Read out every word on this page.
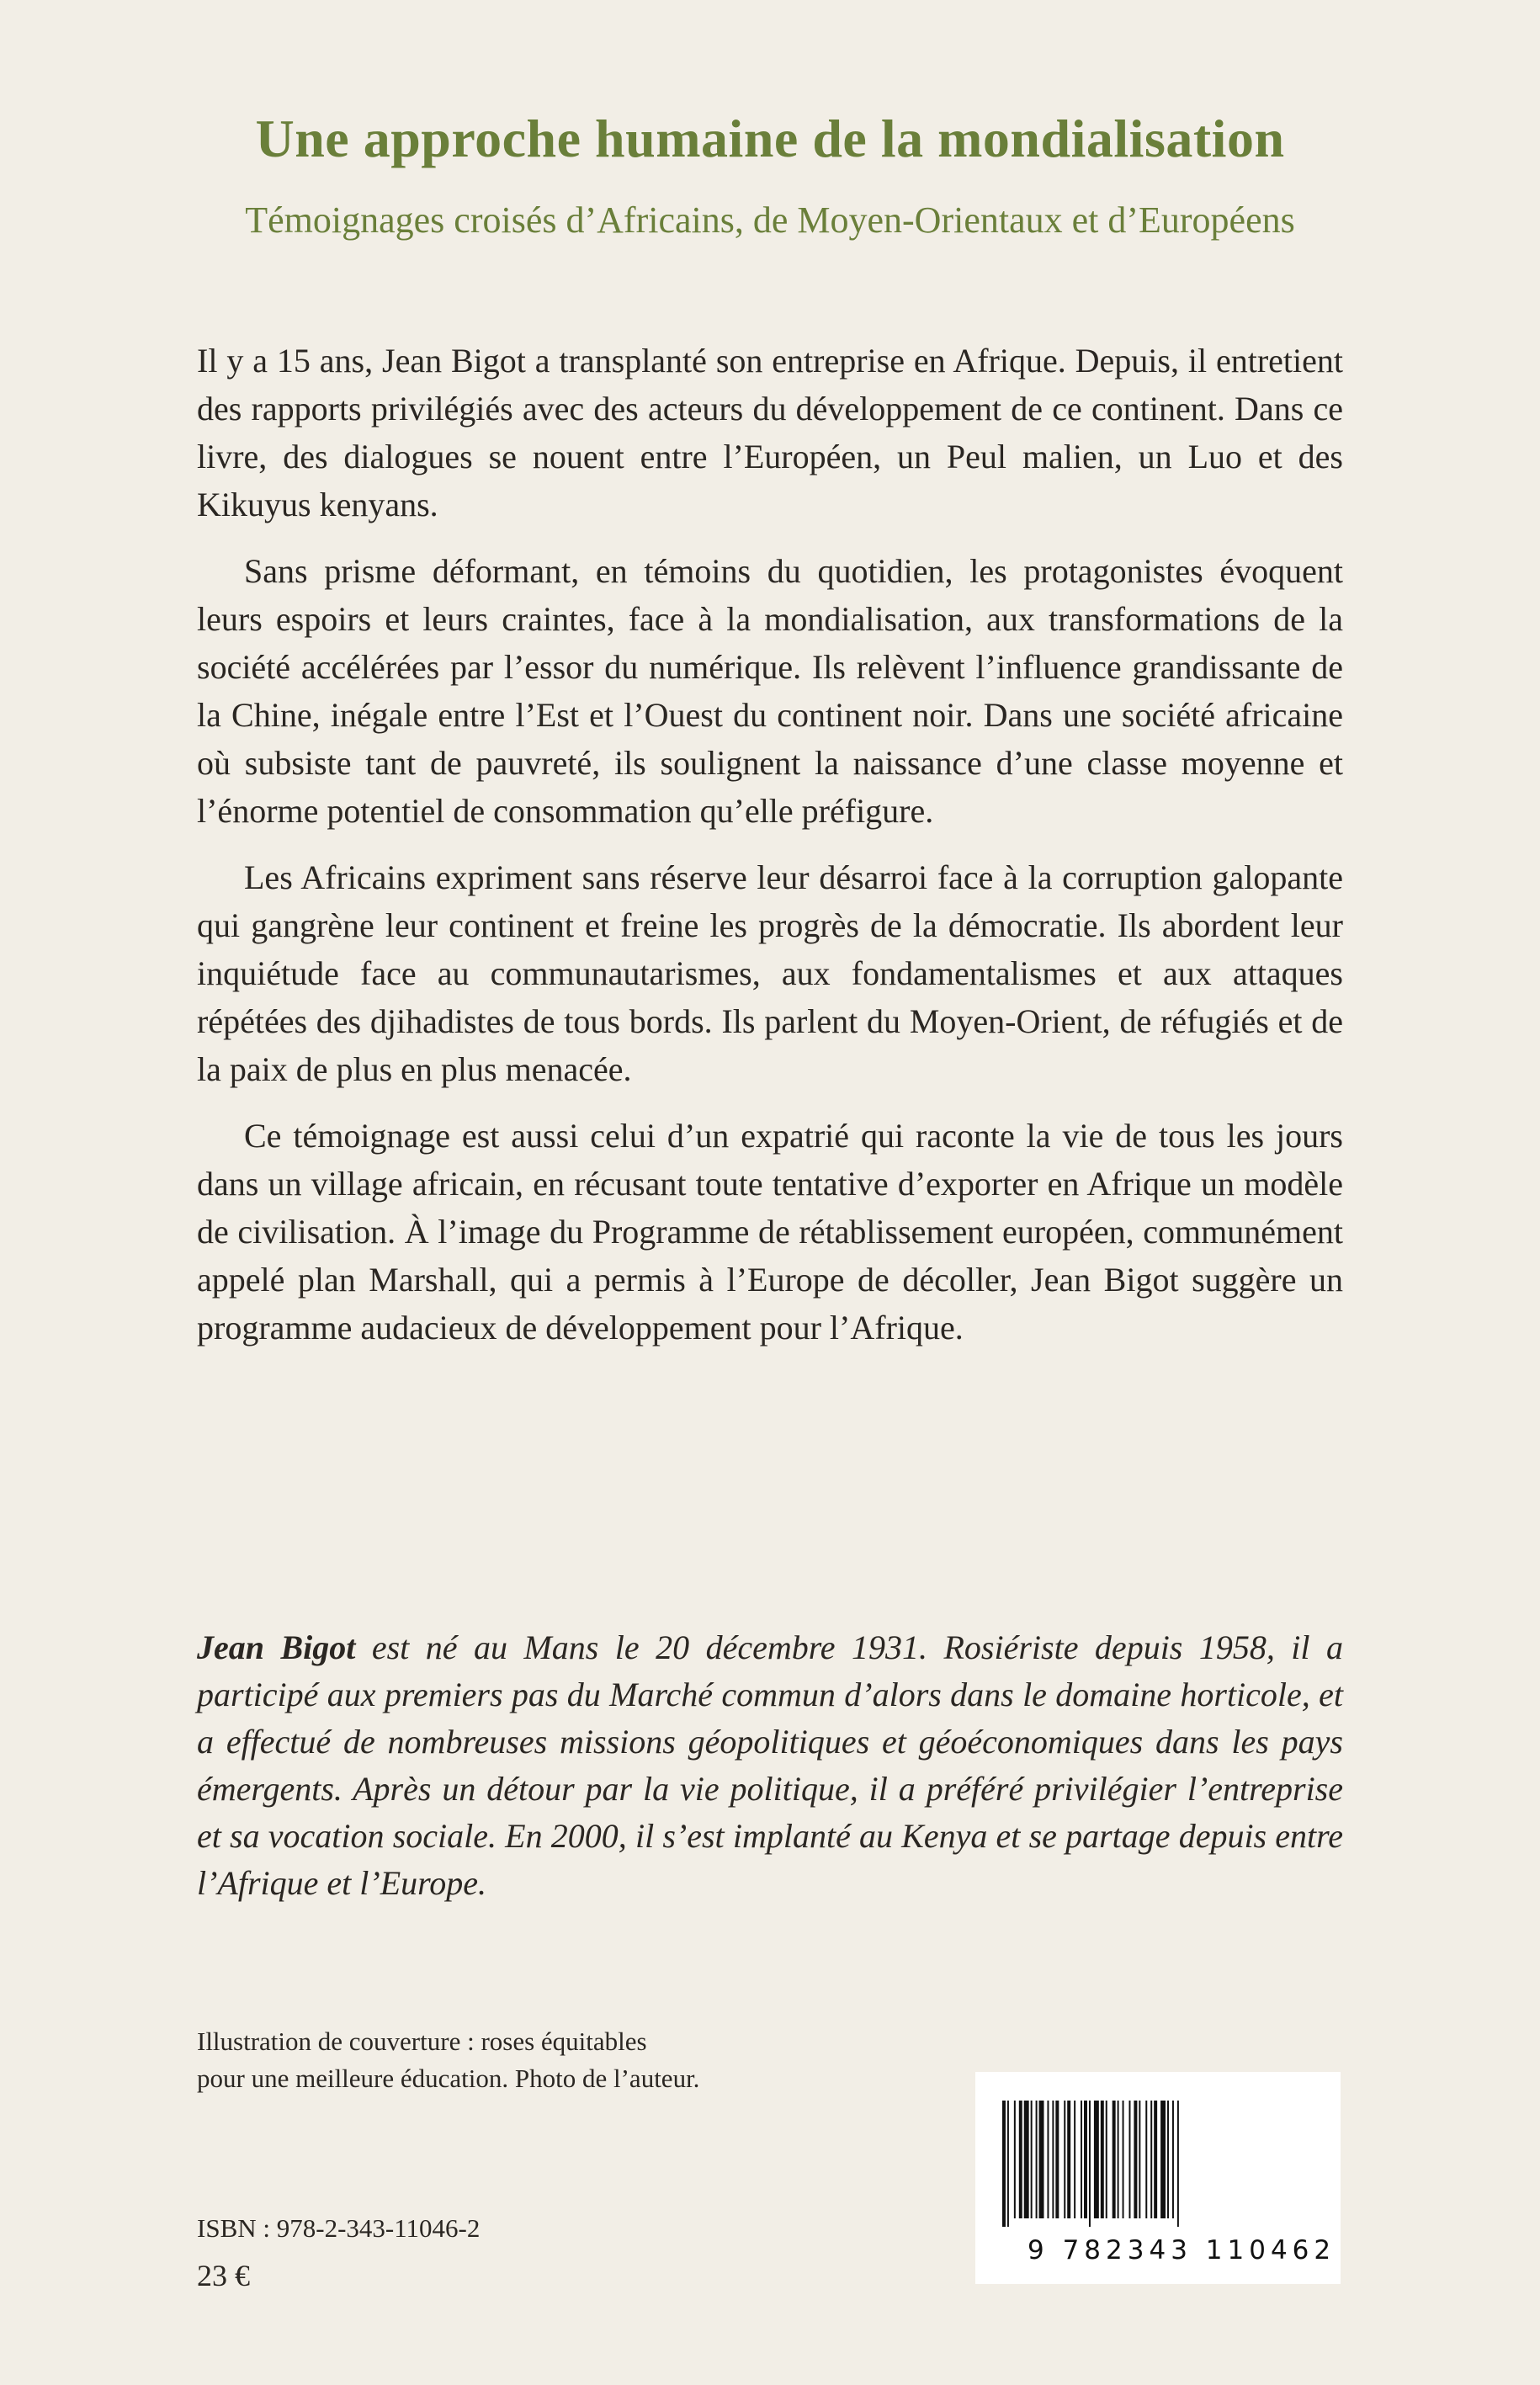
Une approche humaine de la mondialisation
Témoignages croisés d’Africains, de Moyen-Orientaux et d’Européens

Il y a 15 ans, Jean Bigot a transplanté son entreprise en Afrique. Depuis, il entretient des rapports privilégiés avec des acteurs du développement de ce continent. Dans ce livre, des dialogues se nouent entre l’Européen, un Peul malien, un Luo et des Kikuyus kenyans.

Sans prisme déformant, en témoins du quotidien, les protagonistes évoquent leurs espoirs et leurs craintes, face à la mondialisation, aux transformations de la société accélérées par l’essor du numérique. Ils relèvent l’influence grandissante de la Chine, inégale entre l’Est et l’Ouest du continent noir. Dans une société africaine où subsiste tant de pauvreté, ils soulignent la naissance d’une classe moyenne et l’énorme potentiel de consommation qu’elle préfigure.

Les Africains expriment sans réserve leur désarroi face à la corruption galopante qui gangrène leur continent et freine les progrès de la démocratie. Ils abordent leur inquiétude face au communautarismes, aux fondamentalismes et aux attaques répétées des djihadistes de tous bords. Ils parlent du Moyen-Orient, de réfugiés et de la paix de plus en plus menacée.

Ce témoignage est aussi celui d’un expatrié qui raconte la vie de tous les jours dans un village africain, en récusant toute tentative d’exporter en Afrique un modèle de civilisation. À l’image du Programme de rétablissement européen, communément appelé plan Marshall, qui a permis à l’Europe de décoller, Jean Bigot suggère un programme audacieux de développement pour l’Afrique.

Jean Bigot est né au Mans le 20 décembre 1931. Rosiériste depuis 1958, il a participé aux premiers pas du Marché commun d’alors dans le domaine horticole, et a effectué de nombreuses missions géopolitiques et géoéconomiques dans les pays émergents. Après un détour par la vie politique, il a préféré privilégier l’entreprise et sa vocation sociale. En 2000, il s’est implanté au Kenya et se partage depuis entre l’Afrique et l’Europe.

Illustration de couverture : roses équitables
pour une meilleure éducation. Photo de l’auteur.
ISBN : 978-2-343-11046-2
23 €
9 782343 110462
